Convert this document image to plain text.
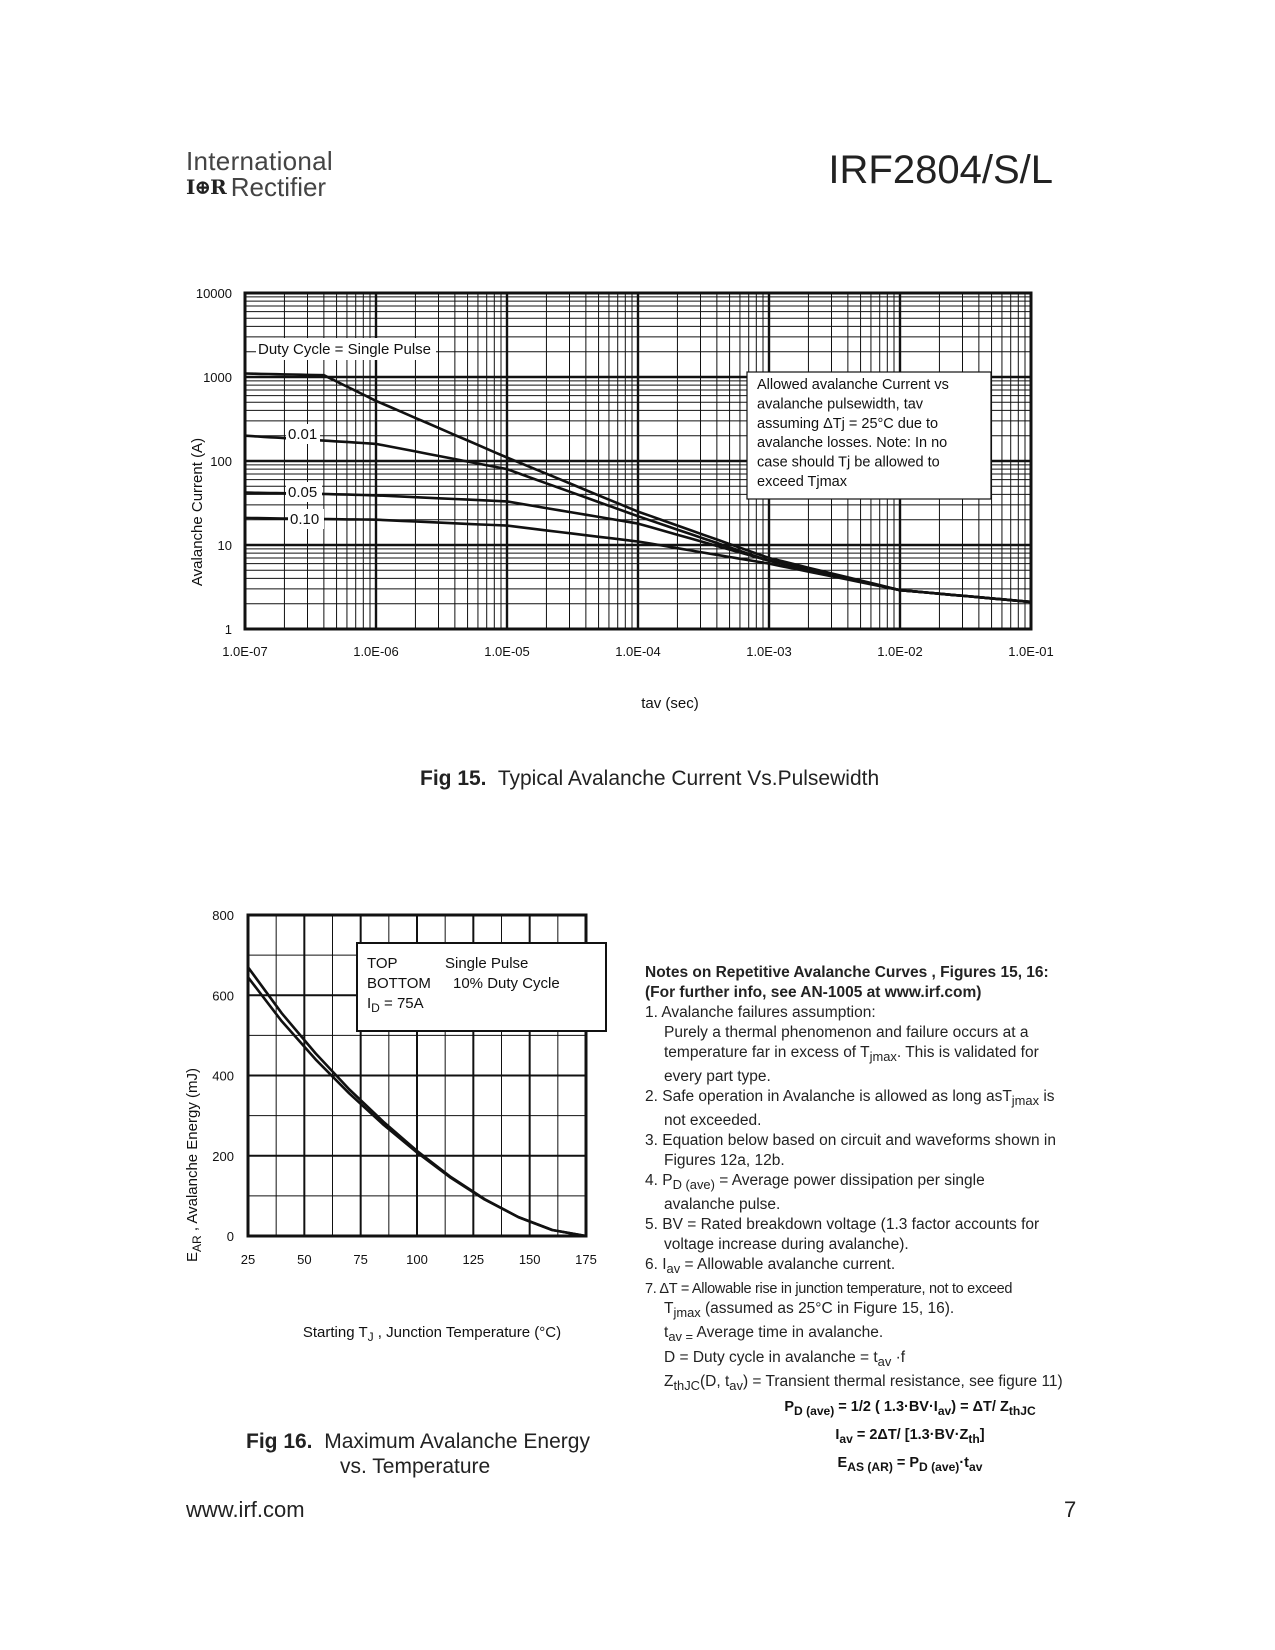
International
I⊕R Rectifier	IRF2804/S/L
1.0E-07	1.0E-06	1.0E-05	1.0E-04	1.0E-03	1.0E-02	1.0E-01
1
10
100
1000
10000
Avalanche Current (A)
tav (sec)
Duty Cycle = Single Pulse
0.01
0.05
0.10
Allowed avalanche Current vs
avalanche pulsewidth, tav
assuming ΔTj = 25°C due to
avalanche losses. Note: In no
case should Tj be allowed to
exceed Tjmax
Fig 15. Typical Avalanche Current Vs.Pulsewidth
25	50	75	100	125	150	175
0
200
400
600
800
$E_{AR}$ , Avalanche Energy (mJ)
Starting $T_J$ , Junction Temperature (°C)
TOP	Single Pulse
BOTTOM 10% Duty Cycle
$I_D = 75A$
Fig 16. Maximum Avalanche Energy
vs. Temperature
Notes on Repetitive Avalanche Curves , Figures 15, 16:
(For further info, see AN-1005 at www.irf.com)
1. Avalanche failures assumption:
Purely a thermal phenomenon and failure occurs at a
temperature far in excess of $T_{jmax}$. This is validated for
every part type.
2. Safe operation in Avalanche is allowed as long asT$_{jmax}$ is
not exceeded.
3. Equation below based on circuit and waveforms shown in
Figures 12a, 12b.
4. $P_{D (ave)}$ = Average power dissipation per single
avalanche pulse.
5. BV = Rated breakdown voltage (1.3 factor accounts for
voltage increase during avalanche).
6. $I_{av}$ = Allowable avalanche current.
7. ΔT = Allowable rise in junction temperature, not to exceed
$T_{jmax}$ (assumed as 25°C in Figure 15, 16).
$t_{av =}$ Average time in avalanche.
D = Duty cycle in avalanche = $t_{av} \cdot f$
$Z_{thJC}(D$, $t_{av}$) = Transient thermal resistance, see figure 11)
$P_{D (ave)} = 1/2$ ( $1.3\cdot BV\cdot I_{av}) = \Delta T/$ $Z_{thJC}$
$I_{av} = 2\Delta T/$ $[1.3\cdot BV\cdot Z_{th}]$
$E_{AS (AR)} = P_{D (ave)}\cdot t_{av}$
www.irf.com	7
